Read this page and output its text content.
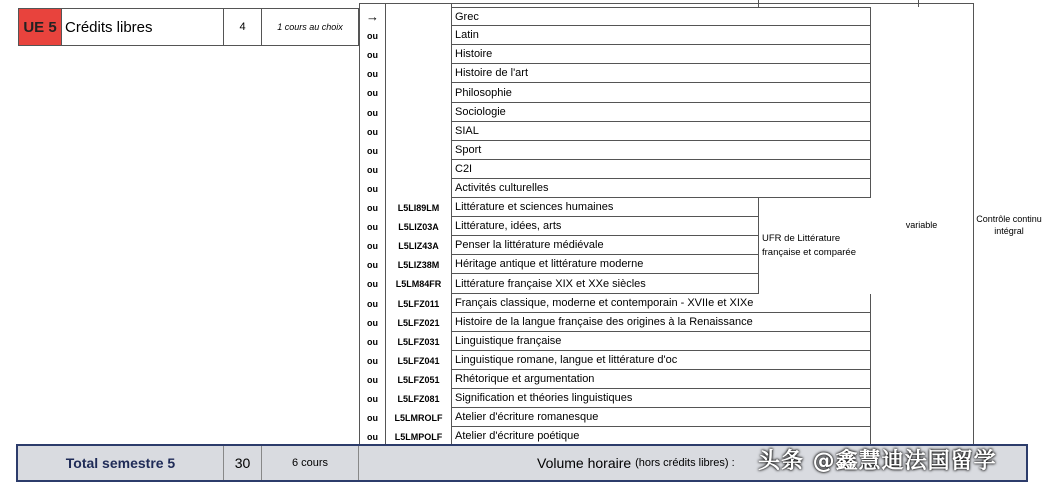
UE 5 Crédits libres	4	1 cours au choix
→	Grec
ou	Latin
ou	Histoire
ou	Histoire de l'art
ou	Philosophie
ou	Sociologie
ou	SIAL
ou	Sport
ou	C2I
ou	Activités culturelles
ou	L5LI89LM	Littérature et sciences humaines
ou	L5LIZ03A	Littérature, idées, arts
ou	L5LIZ43A	Penser la littérature médiévale
ou	L5LIZ38M	Héritage antique et littérature moderne
ou	L5LM84FR	Littérature française XIX et XXe siècles
ou	L5LFZ011	Français classique, moderne et contemporain - XVIIe et XIXe
ou	L5LFZ021	Histoire de la langue française des origines à la Renaissance
ou	L5LFZ031	Linguistique française
ou	L5LFZ041	Linguistique romane, langue et littérature d'oc
ou	L5LFZ051	Rhétorique et argumentation
ou	L5LFZ081	Signification et théories linguistiques
ou	L5LMROLF	Atelier d'écriture romanesque
ou	L5LMPOLF	Atelier d'écriture poétique
UFR de Littérature française et comparée
variable
Contrôle continu intégral
Total semestre 5	30	6 cours	Volume horaire
(hors crédits libres) : 头条 @鑫慧迪法国留学
